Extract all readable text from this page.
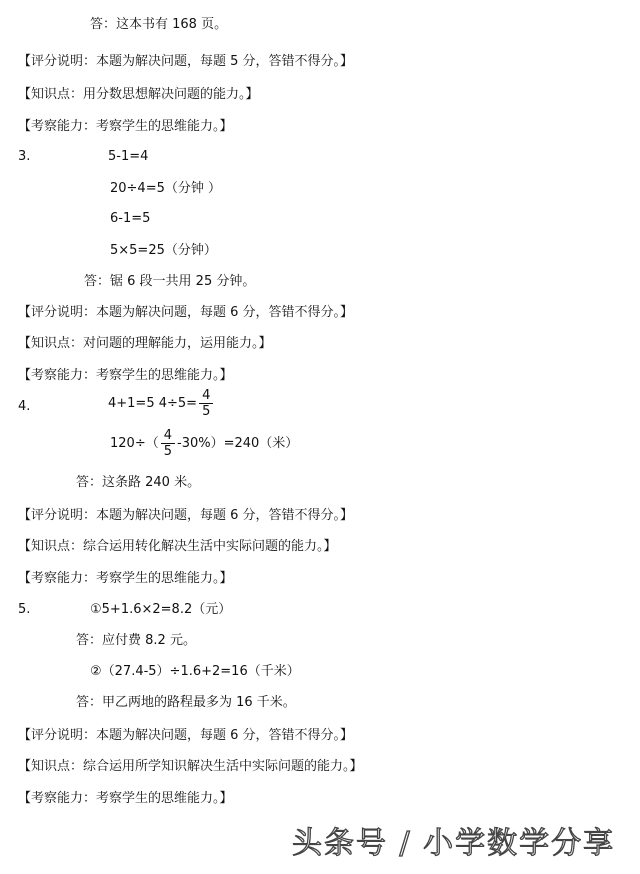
答：这本书有 168 页。
【评分说明：本题为解决问题，每题 5 分，答错不得分。】
【知识点：用分数思想解决问题的能力。】
【考察能力：考察学生的思维能力。】
3.	5-1=4
20÷4=5（分钟 ）
6-1=5
5×5=25（分钟）
答：锯 6 段一共用 25 分钟。
【评分说明：本题为解决问题，每题 6 分，答错不得分。】
【知识点：对问题的理解能力，运用能力。】
【考察能力：考察学生的思维能力。】
4.	4+1=5 $4\div 5= \frac{4}{5}$
$120\div( \frac{4}{5} -30\%)=240$（米）
答：这条路 240 米。
【评分说明：本题为解决问题，每题 6 分，答错不得分。】
【知识点：综合运用转化解决生活中实际问题的能力。】
【考察能力：考察学生的思维能力。】
5.	①5+1.6×2=8.2（元）
答：应付费 8.2 元。
②（27.4-5）÷1.6+2=16（千米）
答：甲乙两地的路程最多为 16 千米。
【评分说明：本题为解决问题，每题 6 分，答错不得分。】
【知识点：综合运用所学知识解决生活中实际问题的能力。】
【考察能力：考察学生的思维能力。】
头条号 / 小学数学分享
